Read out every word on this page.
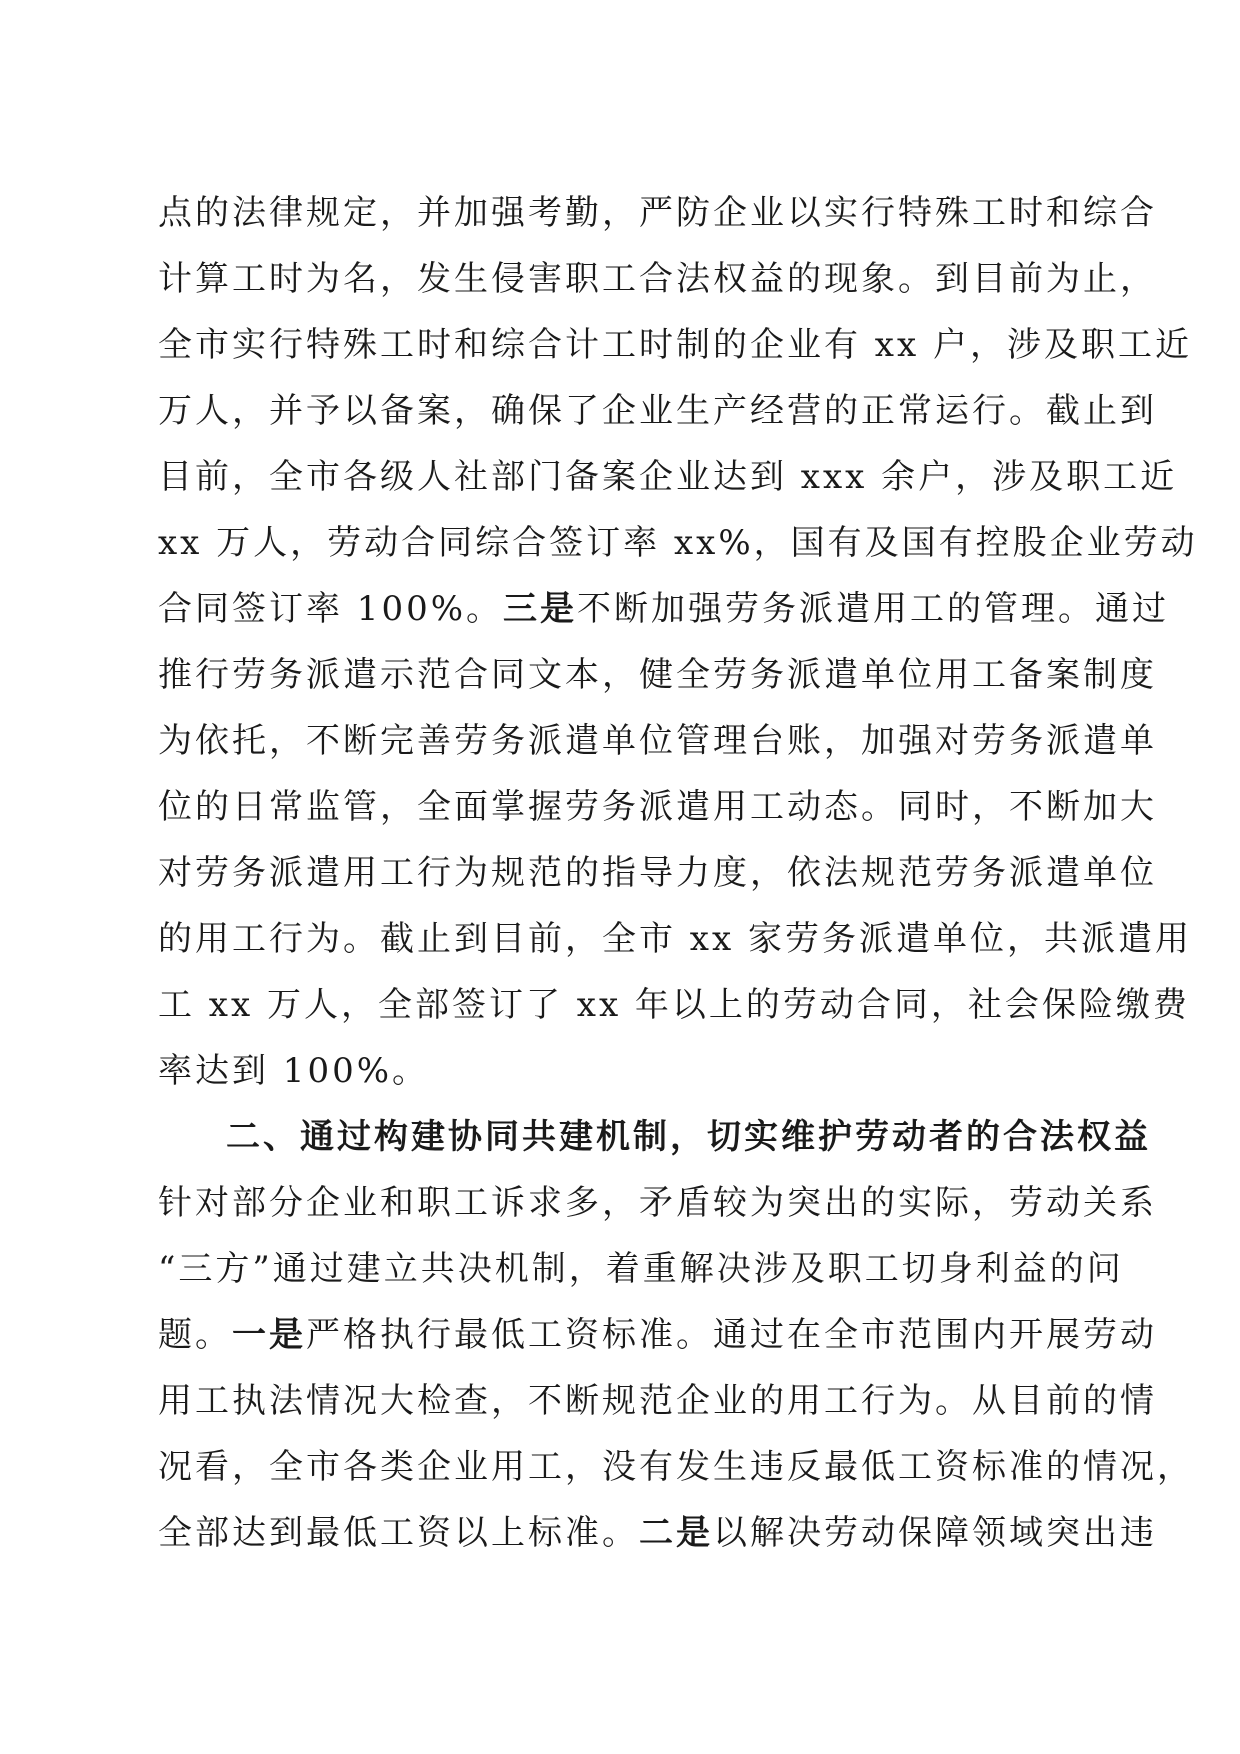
点的法律规定，并加强考勤，严防企业以实行特殊工时和综合
计算工时为名，发生侵害职工合法权益的现象。到目前为止，
全市实行特殊工时和综合计工时制的企业有 xx 户，涉及职工近
万人，并予以备案，确保了企业生产经营的正常运行。截止到
目前，全市各级人社部门备案企业达到 xxx 余户，涉及职工近
xx 万人，劳动合同综合签订率 xx%，国有及国有控股企业劳动
合同签订率 100%。三是不断加强劳务派遣用工的管理。通过
推行劳务派遣示范合同文本，健全劳务派遣单位用工备案制度
为依托，不断完善劳务派遣单位管理台账，加强对劳务派遣单
位的日常监管，全面掌握劳务派遣用工动态。同时，不断加大
对劳务派遣用工行为规范的指导力度，依法规范劳务派遣单位
的用工行为。截止到目前，全市 xx 家劳务派遣单位，共派遣用
工 xx 万人，全部签订了 xx 年以上的劳动合同，社会保险缴费
率达到 100%。
二、通过构建协同共建机制，切实维护劳动者的合法权益
针对部分企业和职工诉求多，矛盾较为突出的实际，劳动关系
“三方”通过建立共决机制，着重解决涉及职工切身利益的问
题。一是严格执行最低工资标准。通过在全市范围内开展劳动
用工执法情况大检查，不断规范企业的用工行为。从目前的情
况看，全市各类企业用工，没有发生违反最低工资标准的情况，
全部达到最低工资以上标准。二是以解决劳动保障领域突出违
